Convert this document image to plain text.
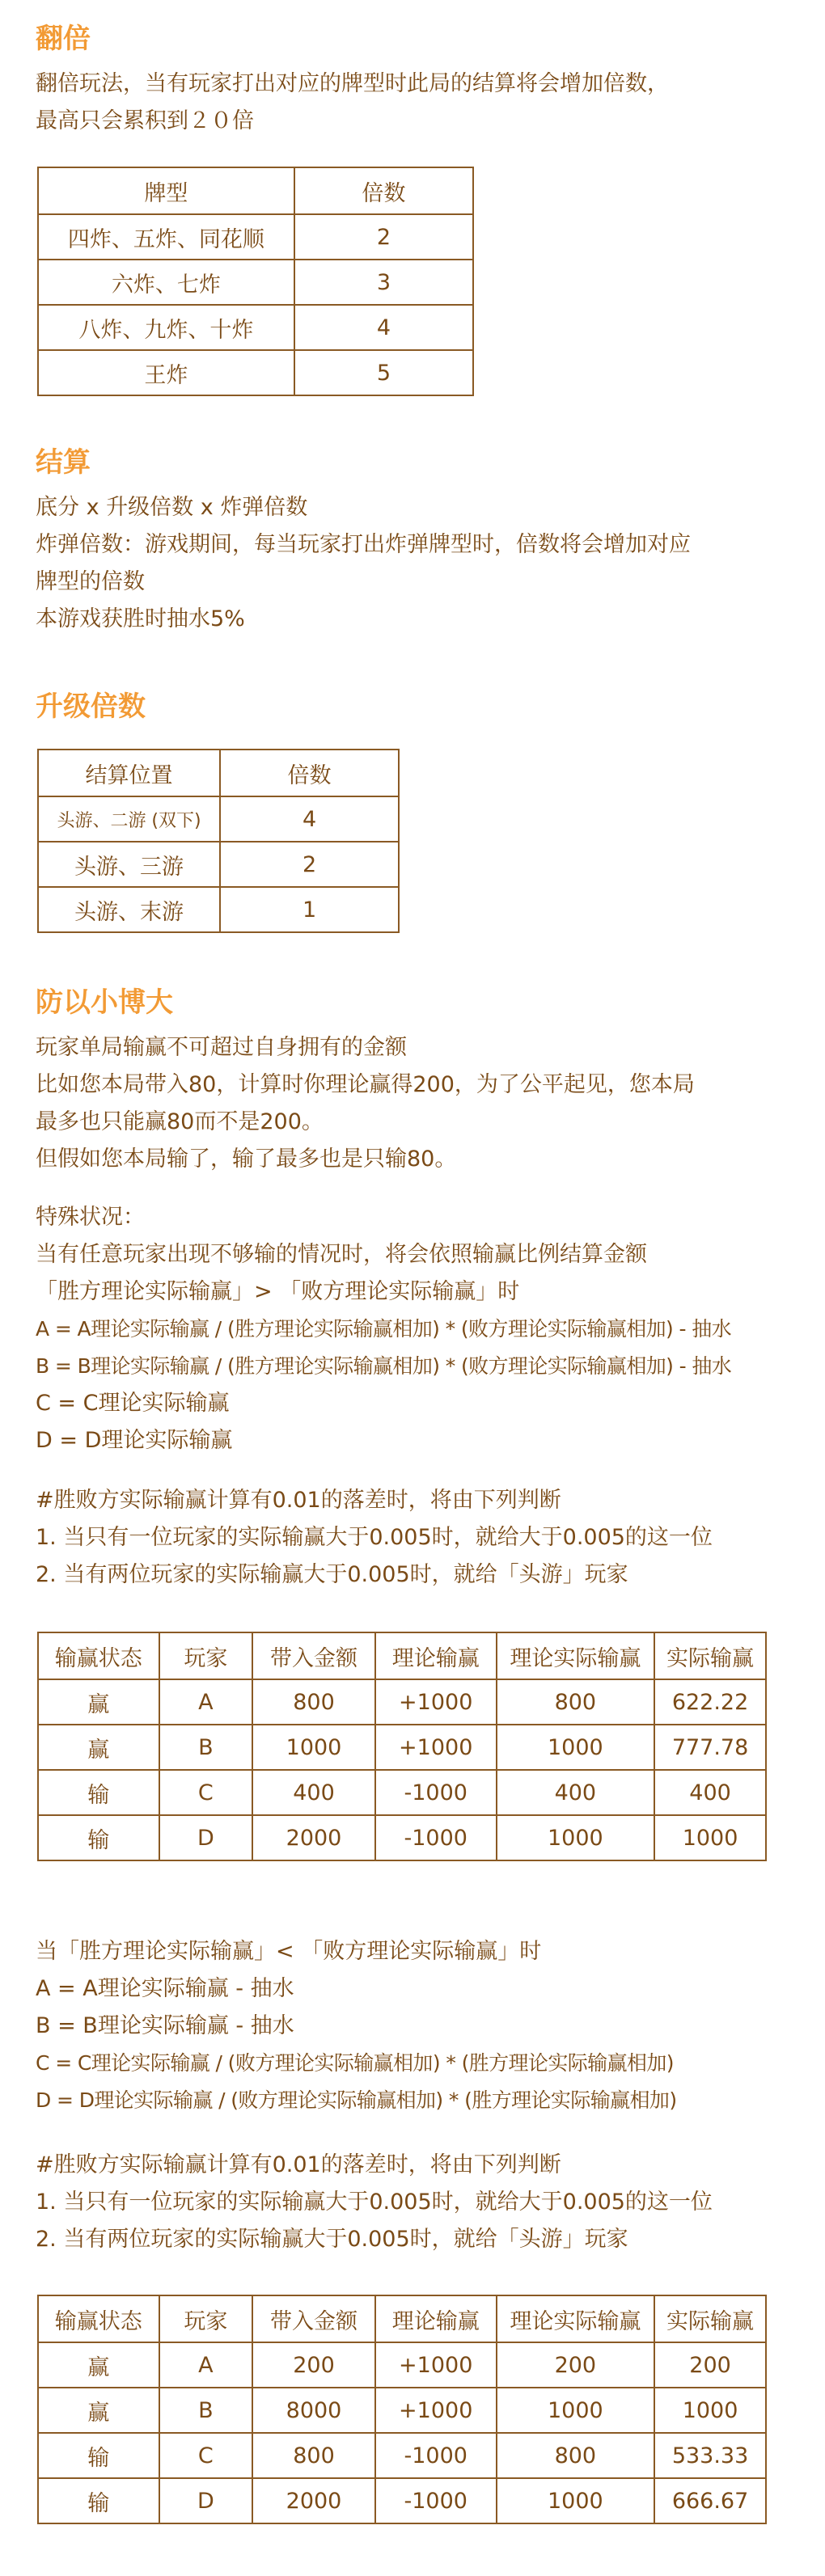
翻倍
翻倍玩法，当有玩家打出对应的牌型时此局的结算将会增加倍数，
最高只会累积到２０倍
牌型	倍数
四炸、五炸、同花顺	2
六炸、七炸	3
八炸、九炸、十炸	4
王炸	5
结算
底分 x 升级倍数 x 炸弹倍数
炸弹倍数：游戏期间，每当玩家打出炸弹牌型时，倍数将会增加对应
牌型的倍数
本游戏获胜时抽水5%
升级倍数
结算位置	倍数
头游、二游 (双下)	4
头游、三游	2
头游、末游	1
防以小博大
玩家单局输赢不可超过自身拥有的金额
比如您本局带入80，计算时你理论赢得200，为了公平起见，您本局
最多也只能赢80而不是200。
但假如您本局输了，输了最多也是只输80。
特殊状况：
当有任意玩家出现不够输的情况时，将会依照输赢比例结算金额
「胜方理论实际输赢」> 「败方理论实际输赢」时
A = A理论实际输赢 / (胜方理论实际输赢相加) * (败方理论实际输赢相加) - 抽水
B = B理论实际输赢 / (胜方理论实际输赢相加) * (败方理论实际输赢相加) - 抽水
C = C理论实际输赢
D = D理论实际输赢
#胜败方实际输赢计算有0.01的落差时，将由下列判断
1. 当只有一位玩家的实际输赢大于0.005时，就给大于0.005的这一位
2. 当有两位玩家的实际输赢大于0.005时，就给「头游」玩家
输赢状态	玩家	带入金额	理论输赢	理论实际输赢	实际输赢
赢	A	800	+1000	800	622.22
赢	B	1000	+1000	1000	777.78
输	C	400	-1000	400	400
输	D	2000	-1000	1000	1000
当「胜方理论实际输赢」< 「败方理论实际输赢」时
A = A理论实际输赢 - 抽水
B = B理论实际输赢 - 抽水
C = C理论实际输赢 / (败方理论实际输赢相加) * (胜方理论实际输赢相加)
D = D理论实际输赢 / (败方理论实际输赢相加) * (胜方理论实际输赢相加)
#胜败方实际输赢计算有0.01的落差时，将由下列判断
1. 当只有一位玩家的实际输赢大于0.005时，就给大于0.005的这一位
2. 当有两位玩家的实际输赢大于0.005时，就给「头游」玩家
输赢状态	玩家	带入金额	理论输赢	理论实际输赢	实际输赢
赢	A	200	+1000	200	200
赢	B	8000	+1000	1000	1000
输	C	800	-1000	800	533.33
输	D	2000	-1000	1000	666.67
